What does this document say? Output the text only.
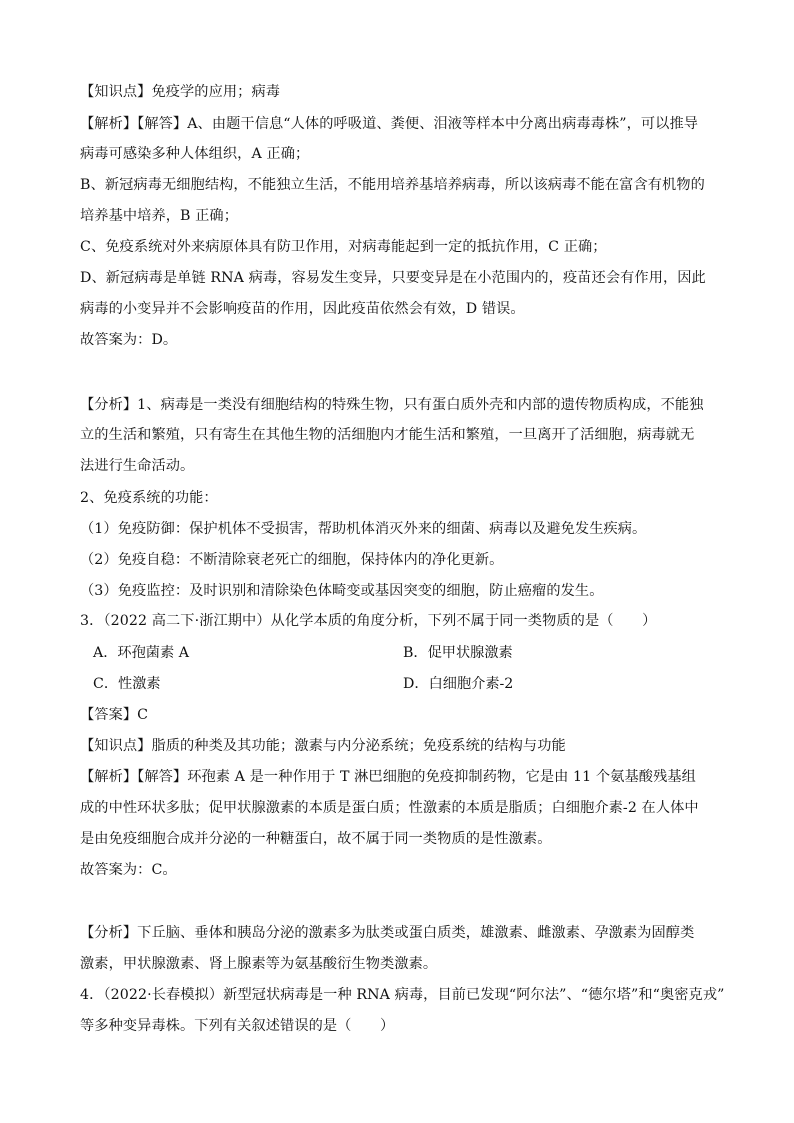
【知识点】免疫学的应用；病毒
【解析】【解答】A、由题干信息“人体的呼吸道、粪便、泪液等样本中分离出病毒毒株”，可以推导
病毒可感染多种人体组织，A 正确；
B、新冠病毒无细胞结构，不能独立生活，不能用培养基培养病毒，所以该病毒不能在富含有机物的
培养基中培养，B 正确；
C、免疫系统对外来病原体具有防卫作用，对病毒能起到一定的抵抗作用，C 正确；
D、新冠病毒是单链 RNA 病毒，容易发生变异，只要变异是在小范围内的，疫苗还会有作用，因此
病毒的小变异并不会影响疫苗的作用，因此疫苗依然会有效，D 错误。
故答案为：D。
【分析】1、病毒是一类没有细胞结构的特殊生物，只有蛋白质外壳和内部的遗传物质构成，不能独
立的生活和繁殖，只有寄生在其他生物的活细胞内才能生活和繁殖，一旦离开了活细胞，病毒就无
法进行生命活动。
2、免疫系统的功能：
（1）免疫防御：保护机体不受损害，帮助机体消灭外来的细菌、病毒以及避免发生疾病。
（2）免疫自稳：不断清除衰老死亡的细胞，保持体内的净化更新。
（3）免疫监控：及时识别和清除染色体畸变或基因突变的细胞，防止癌瘤的发生。
3．（2022 高二下·浙江期中）从化学本质的角度分析，下列不属于同一类物质的是（　　）
A．环孢菌素 A	B．促甲状腺激素
C．性激素	D．白细胞介素-2
【答案】C
【知识点】脂质的种类及其功能；激素与内分泌系统；免疫系统的结构与功能
【解析】【解答】环孢素 A 是一种作用于 T 淋巴细胞的免疫抑制药物，它是由 11 个氨基酸残基组
成的中性环状多肽；促甲状腺激素的本质是蛋白质；性激素的本质是脂质；白细胞介素-2 在人体中
是由免疫细胞合成并分泌的一种糖蛋白，故不属于同一类物质的是性激素。
故答案为：C。
【分析】下丘脑、垂体和胰岛分泌的激素多为肽类或蛋白质类，雄激素、雌激素、孕激素为固醇类
激素，甲状腺激素、肾上腺素等为氨基酸衍生物类激素。
4．（2022·长春模拟）新型冠状病毒是一种 RNA 病毒，目前已发现“阿尔法”、“德尔塔”和“奥密克戎”
等多种变异毒株。下列有关叙述错误的是（　　）
